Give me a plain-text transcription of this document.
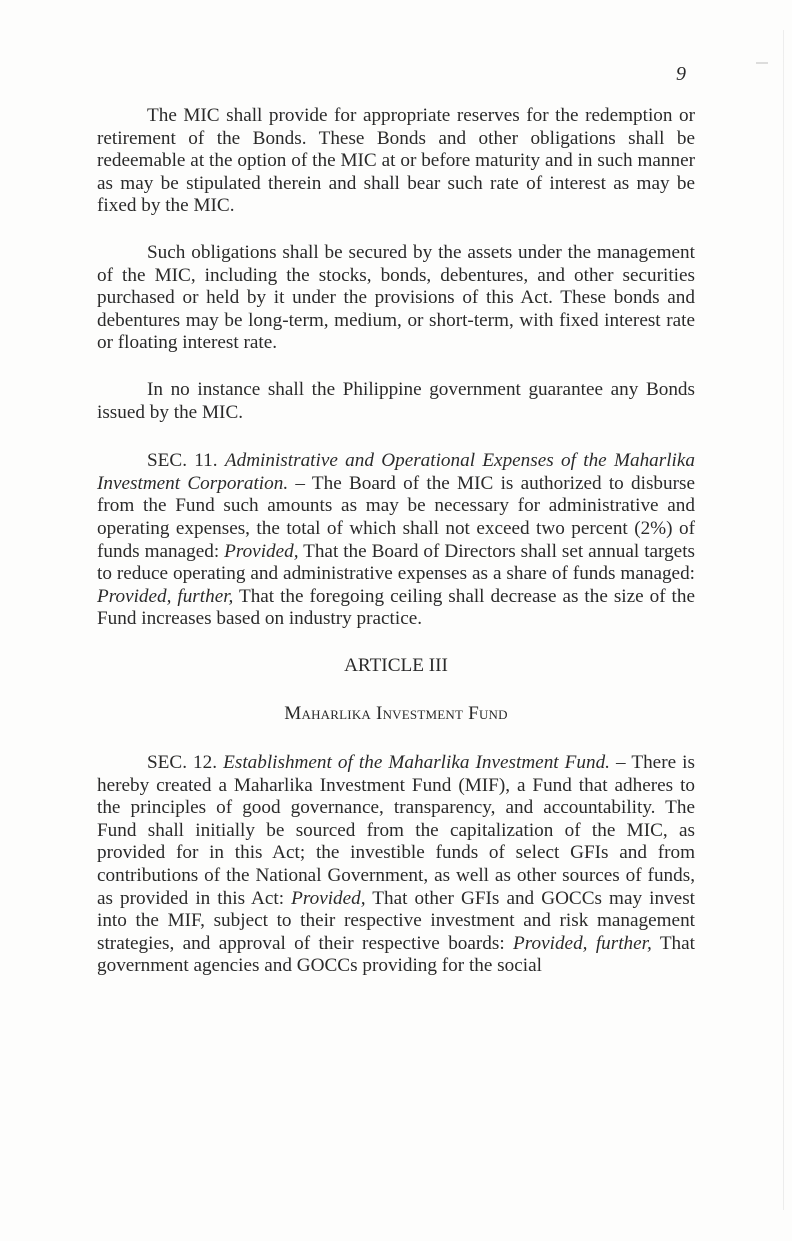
9

The MIC shall provide for appropriate reserves for the redemption or retirement of the Bonds. These Bonds and other obligations shall be redeemable at the option of the MIC at or before maturity and in such manner as may be stipulated therein and shall bear such rate of interest as may be fixed by the MIC.

Such obligations shall be secured by the assets under the management of the MIC, including the stocks, bonds, debentures, and other securities purchased or held by it under the provisions of this Act. These bonds and debentures may be long-term, medium, or short-term, with fixed interest rate or floating interest rate.

In no instance shall the Philippine government guarantee any Bonds issued by the MIC.

SEC. 11. Administrative and Operational Expenses of the Maharlika Investment Corporation. – The Board of the MIC is authorized to disburse from the Fund such amounts as may be necessary for administrative and operating expenses, the total of which shall not exceed two percent (2%) of funds managed: Provided, That the Board of Directors shall set annual targets to reduce operating and administrative expenses as a share of funds managed: Provided, further, That the foregoing ceiling shall decrease as the size of the Fund increases based on industry practice.

ARTICLE III

Maharlika Investment Fund

SEC. 12. Establishment of the Maharlika Investment Fund. – There is hereby created a Maharlika Investment Fund (MIF), a Fund that adheres to the principles of good governance, transparency, and accountability. The Fund shall initially be sourced from the capitalization of the MIC, as provided for in this Act; the investible funds of select GFIs and from contributions of the National Government, as well as other sources of funds, as provided in this Act: Provided, That other GFIs and GOCCs may invest into the MIF, subject to their respective investment and risk management strategies, and approval of their respective boards: Provided, further, That government agencies and GOCCs providing for the social
